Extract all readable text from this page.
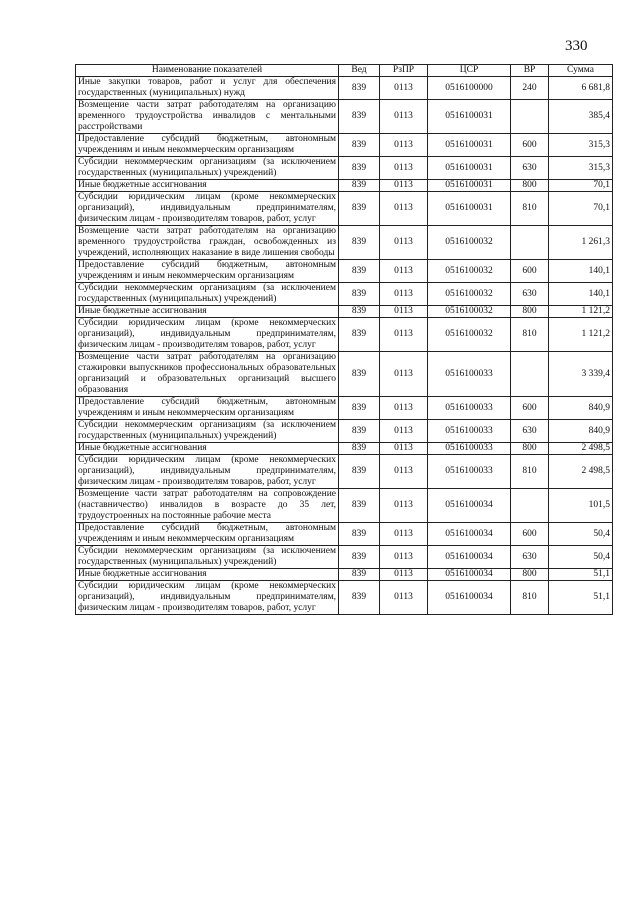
330
Наименование показателей	Вед	РзПР	ЦСР	ВР	Сумма
Иные закупки товаров, работ и услуг для обеспечения государственных (муниципальных) нужд	839	0113	0516100000	240	6 681,8
Возмещение части затрат работодателям на организацию временного трудоустройства инвалидов с ментальными расстройствами	839	0113	0516100031		385,4
Предоставление субсидий бюджетным, автономным учреждениям и иным некоммерческим организациям	839	0113	0516100031	600	315,3
Субсидии некоммерческим организациям (за исключением государственных (муниципальных) учреждений)	839	0113	0516100031	630	315,3
Иные бюджетные ассигнования	839	0113	0516100031	800	70,1
Субсидии юридическим лицам (кроме некоммерческих организаций), индивидуальным предпринимателям, физическим лицам - производителям товаров, работ, услуг	839	0113	0516100031	810	70,1
Возмещение части затрат работодателям на организацию временного трудоустройства граждан, освобожденных из учреждений, исполняющих наказание в виде лишения свободы	839	0113	0516100032		1 261,3
Предоставление субсидий бюджетным, автономным учреждениям и иным некоммерческим организациям	839	0113	0516100032	600	140,1
Субсидии некоммерческим организациям (за исключением государственных (муниципальных) учреждений)	839	0113	0516100032	630	140,1
Иные бюджетные ассигнования	839	0113	0516100032	800	1 121,2
Субсидии юридическим лицам (кроме некоммерческих организаций), индивидуальным предпринимателям, физическим лицам - производителям товаров, работ, услуг	839	0113	0516100032	810	1 121,2
Возмещение части затрат работодателям на организацию стажировки выпускников профессиональных образовательных организаций и образовательных организаций высшего образования	839	0113	0516100033		3 339,4
Предоставление субсидий бюджетным, автономным учреждениям и иным некоммерческим организациям	839	0113	0516100033	600	840,9
Субсидии некоммерческим организациям (за исключением государственных (муниципальных) учреждений)	839	0113	0516100033	630	840,9
Иные бюджетные ассигнования	839	0113	0516100033	800	2 498,5
Субсидии юридическим лицам (кроме некоммерческих организаций), индивидуальным предпринимателям, физическим лицам - производителям товаров, работ, услуг	839	0113	0516100033	810	2 498,5
Возмещение части затрат работодателям на сопровождение (наставничество) инвалидов в возрасте до 35 лет, трудоустроенных на постоянные рабочие места	839	0113	0516100034		101,5
Предоставление субсидий бюджетным, автономным учреждениям и иным некоммерческим организациям	839	0113	0516100034	600	50,4
Субсидии некоммерческим организациям (за исключением государственных (муниципальных) учреждений)	839	0113	0516100034	630	50,4
Иные бюджетные ассигнования	839	0113	0516100034	800	51,1
Субсидии юридическим лицам (кроме некоммерческих организаций), индивидуальным предпринимателям, физическим лицам - производителям товаров, работ, услуг	839	0113	0516100034	810	51,1
